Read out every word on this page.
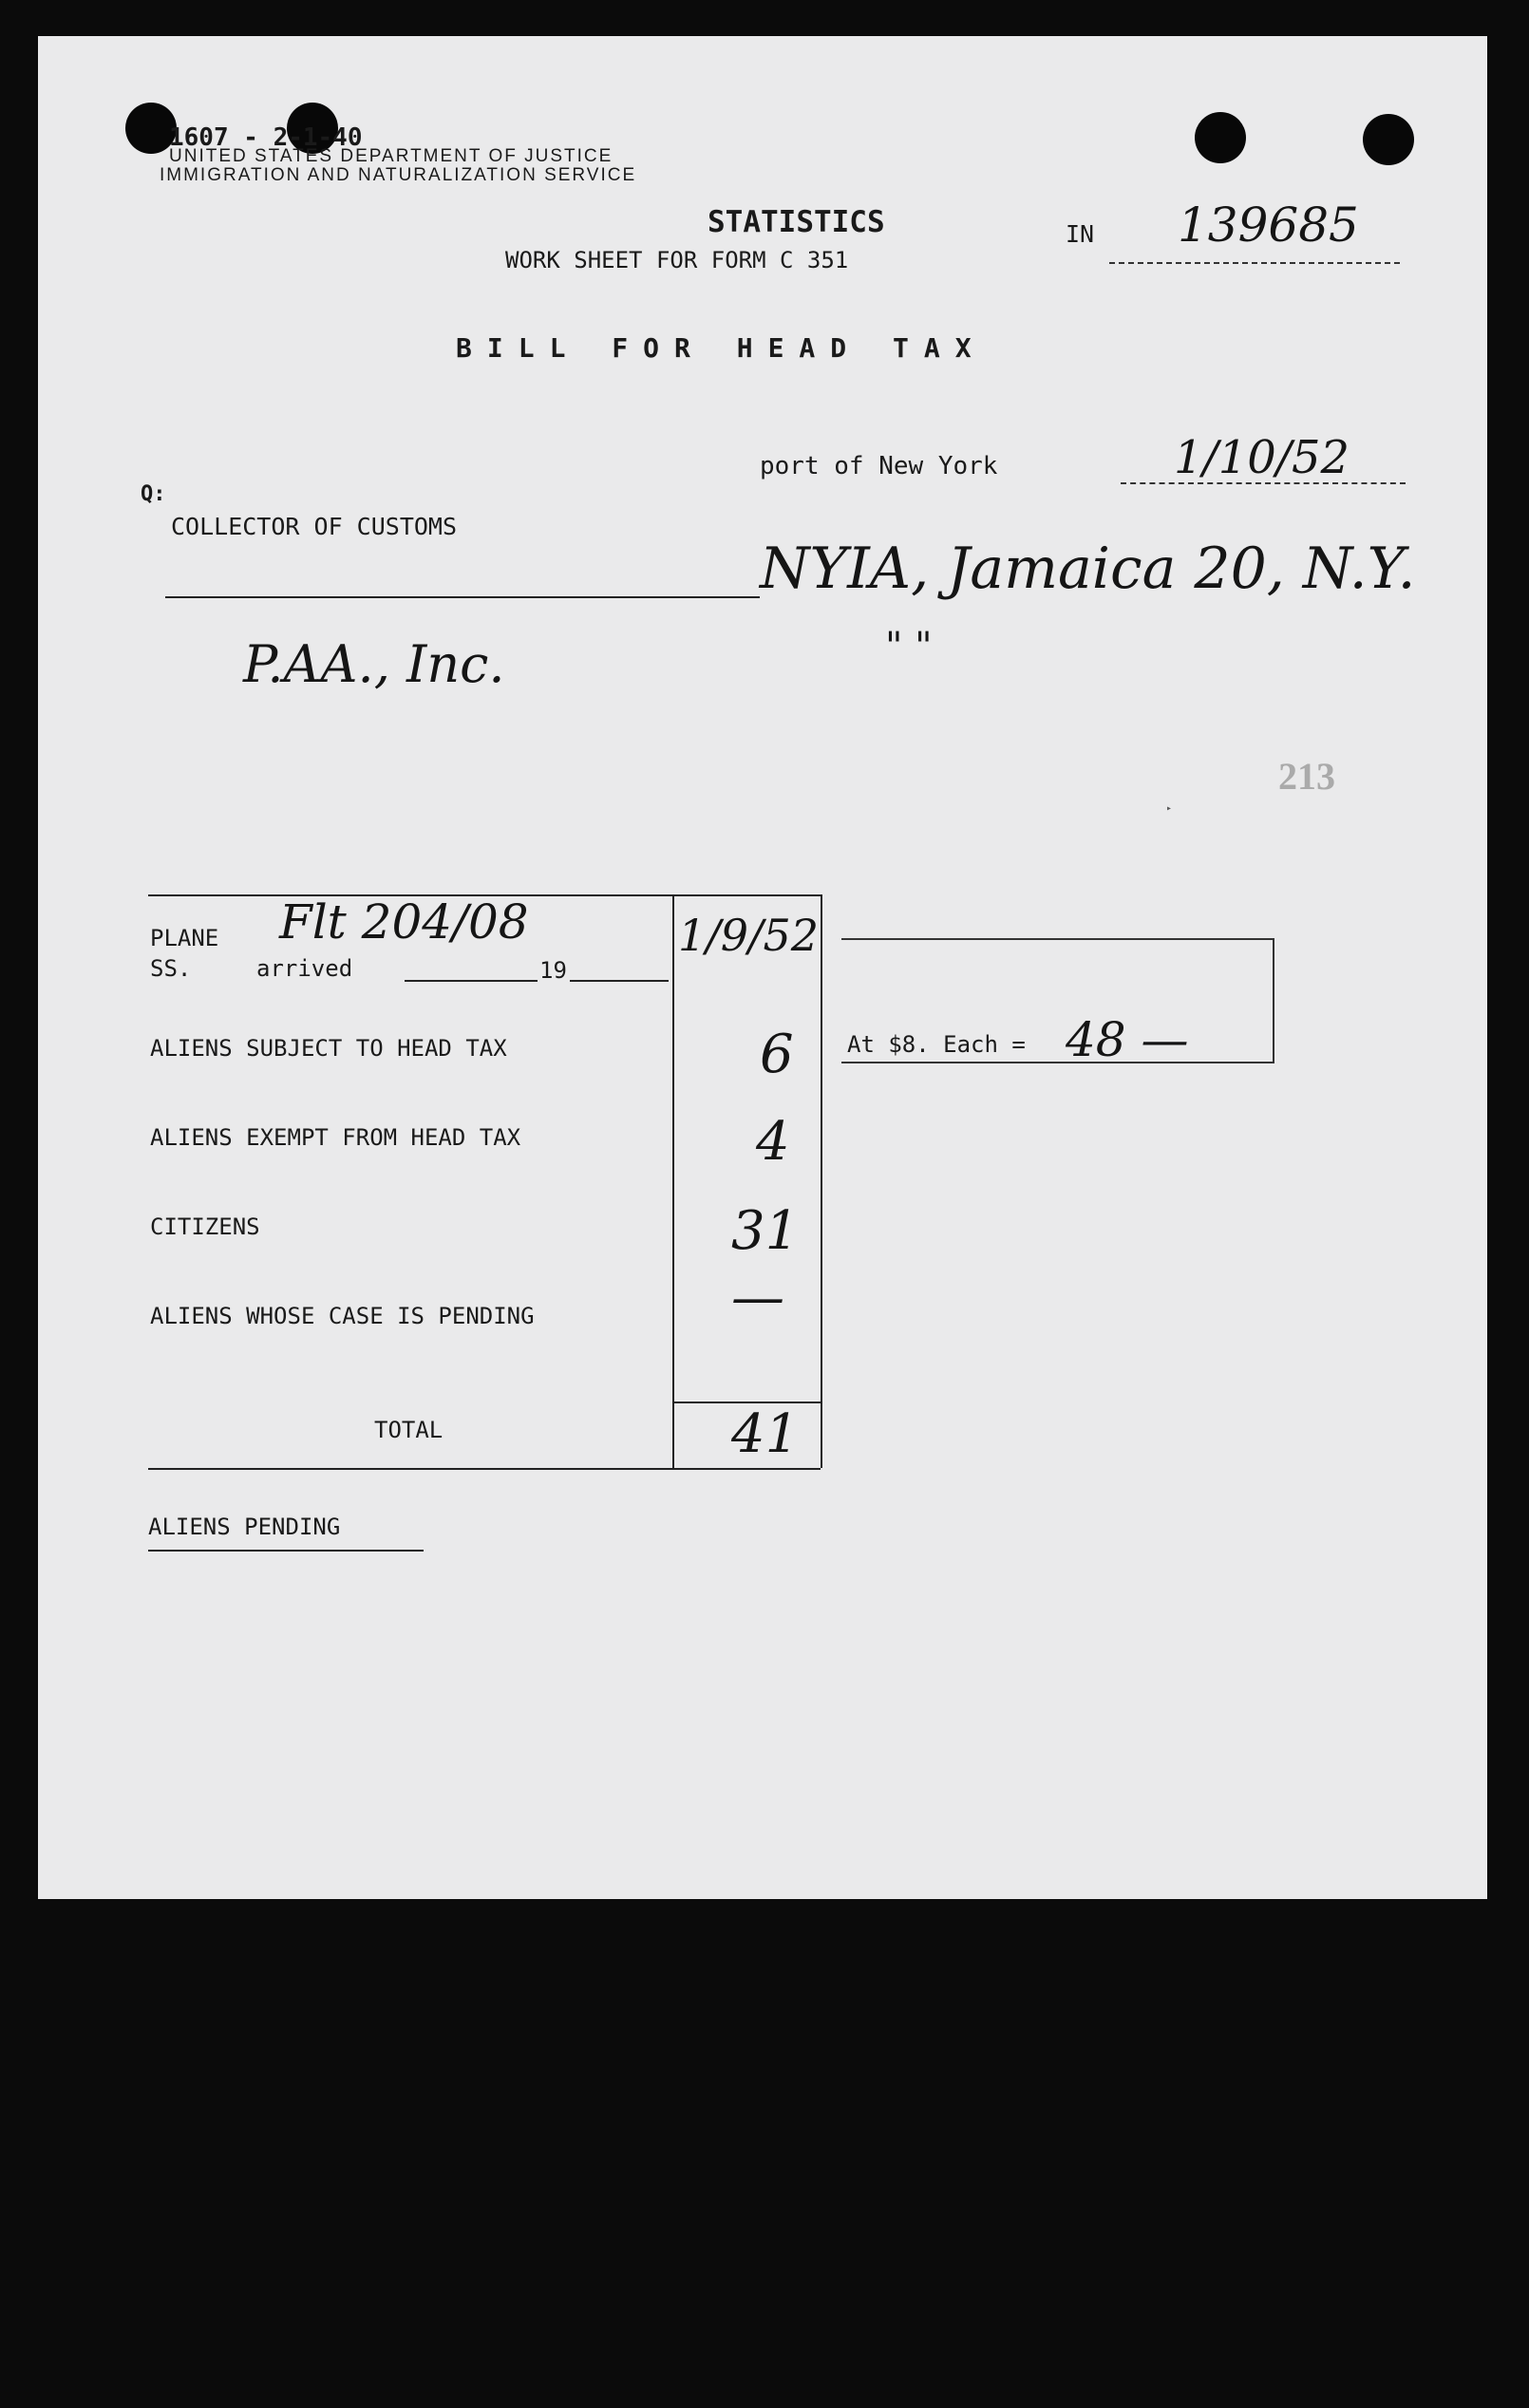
1607 - 2-1-40
UNITED STATES DEPARTMENT OF JUSTICE
IMMIGRATION AND NATURALIZATION SERVICE
STATISTICS
WORK SHEET FOR FORM C 351
IN 139685
BILL FOR HEAD TAX
port of New York	1/10/52
Q:
COLLECTOR OF CUSTOMS
NYIA, Jamaica 20, N.Y.
" "
P.AA., Inc.
▸
213
PLANE Flt 204/08
SS.	arrived	19
1/9/52
ALIENS SUBJECT TO HEAD TAX	6
ALIENS EXEMPT FROM HEAD TAX	4
CITIZENS	31
ALIENS WHOSE CASE IS PENDING	—
TOTAL	41
At $8. Each = 48 —
ALIENS PENDING
